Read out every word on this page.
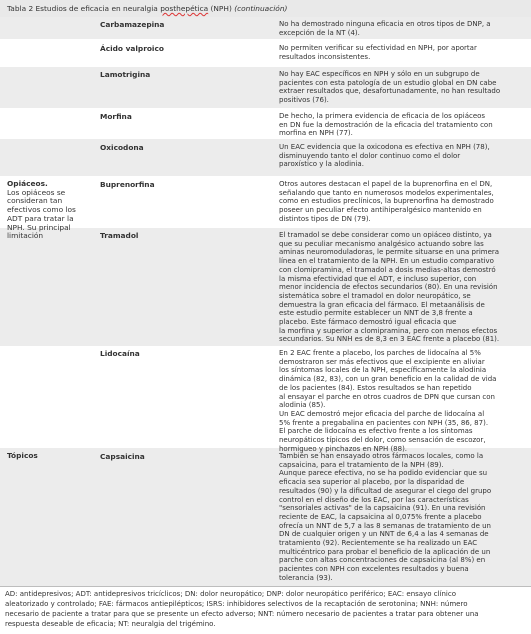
Tabla 2 Estudios de eficacia en neuralgia posthepética (NPH) (continuación)
Carbamazepina
Ácido valproico
Lamotrigina
Morfina
Oxicodona
Buprenorfina
Tramadol
Lidocaína
Capsaicina
Opiáceos.
Los opiáceos se
consideran tan
efectivos como los
ADT para tratar la
NPH. Su principal
limitación
Tópicos
No ha demostrado ninguna eficacia en otros tipos de DNP, a
excepción de la NT (4).
No permiten verificar su efectividad en NPH, por aportar
resultados inconsistentes.
No hay EAC específicos en NPH y sólo en un subgrupo de
pacientes con esta patología de un estudio global en DN cabe
extraer resultados que, desafortunadamente, no han resultado
positivos (76).
De hecho, la primera evidencia de eficacia de los opiáceos
en DN fue la demostración de la eficacia del tratamiento con
morfina en NPH (77).
Un EAC evidencia que la oxicodona es efectiva en NPH (78),
disminuyendo tanto el dolor continuo como el dolor
paroxístico y la alodinia.
Otros autores destacan el papel de la buprenorfina en el DN,
señalando que tanto en numerosos modelos experimentales,
como en estudios preclínicos, la buprenorfina ha demostrado
poseer un peculiar efecto antihiperalgésico mantenido en
distintos tipos de DN (79).
El tramadol se debe considerar como un opiáceo distinto, ya
que su peculiar mecanismo analgésico actuando sobre las
aminas neuromoduladoras, le permite situarse en una primera
línea en el tratamiento de la NPH. En un estudio comparativo
con clomipramina, el tramadol a dosis medias-altas demostró
la misma efectividad que el ADT, e incluso superior, con
menor incidencia de efectos secundarios (80). En una revisión
sistemática sobre el tramadol en dolor neuropático, se
demuestra la gran eficacia del fármaco. El metaanálisis de
este estudio permite establecer un NNT de 3,8 frente a
placebo. Este fármaco demostró igual eficacia que
la morfina y superior a clomipramina, pero con menos efectos
secundarios. Su NNH es de 8,3 en 3 EAC frente a placebo (81).
En 2 EAC frente a placebo, los parches de lidocaína al 5%
demostraron ser más efectivos que el excipiente en aliviar
los síntomas locales de la NPH, específicamente la alodinia
dinámica (82, 83), con un gran beneficio en la calidad de vida
de los pacientes (84). Estos resultados se han repetido
al ensayar el parche en otros cuadros de DPN que cursan con
alodinia (85).
Un EAC demostró mejor eficacia del parche de lidocaína al
5% frente a pregabalina en pacientes con NPH (35, 86, 87).
El parche de lidocaína es efectivo frente a los síntomas
neuropáticos típicos del dolor, como sensación de escozor,
hormigueo y pinchazos en NPH (88).
También se han ensayado otros fármacos locales, como la
capsaicina, para el tratamiento de la NPH (89).
Aunque parece efectiva, no se ha podido evidenciar que su
eficacia sea superior al placebo, por la disparidad de
resultados (90) y la dificultad de asegurar el ciego del grupo
control en el diseño de los EAC, por las características
"sensoriales activas" de la capsaicina (91). En una revisión
reciente de EAC, la capsaicina al 0,075% frente a placebo
ofrecía un NNT de 5,7 a las 8 semanas de tratamiento de un
DN de cualquier origen y un NNT de 6,4 a las 4 semanas de
tratamiento (92). Recientemente se ha realizado un EAC
multicéntrico para probar el beneficio de la aplicación de un
parche con altas concentraciones de capsaicina (al 8%) en
pacientes con NPH con excelentes resultados y buena
tolerancia (93).
AD: antidepresivos; ADT: antidepresivos tricíclicos; DN: dolor neuropático; DNP: dolor neuropático periférico; EAC: ensayo clínico
aleatorizado y controlado; FAE: fármacos antiepilépticos; ISRS: inhibidores selectivos de la recaptación de serotonina; NNH: número
necesario de paciente a tratar para que se presente un efecto adverso; NNT: número necesario de pacientes a tratar para obtener una
respuesta deseable de eficacia; NT: neuralgia del trigémino.
